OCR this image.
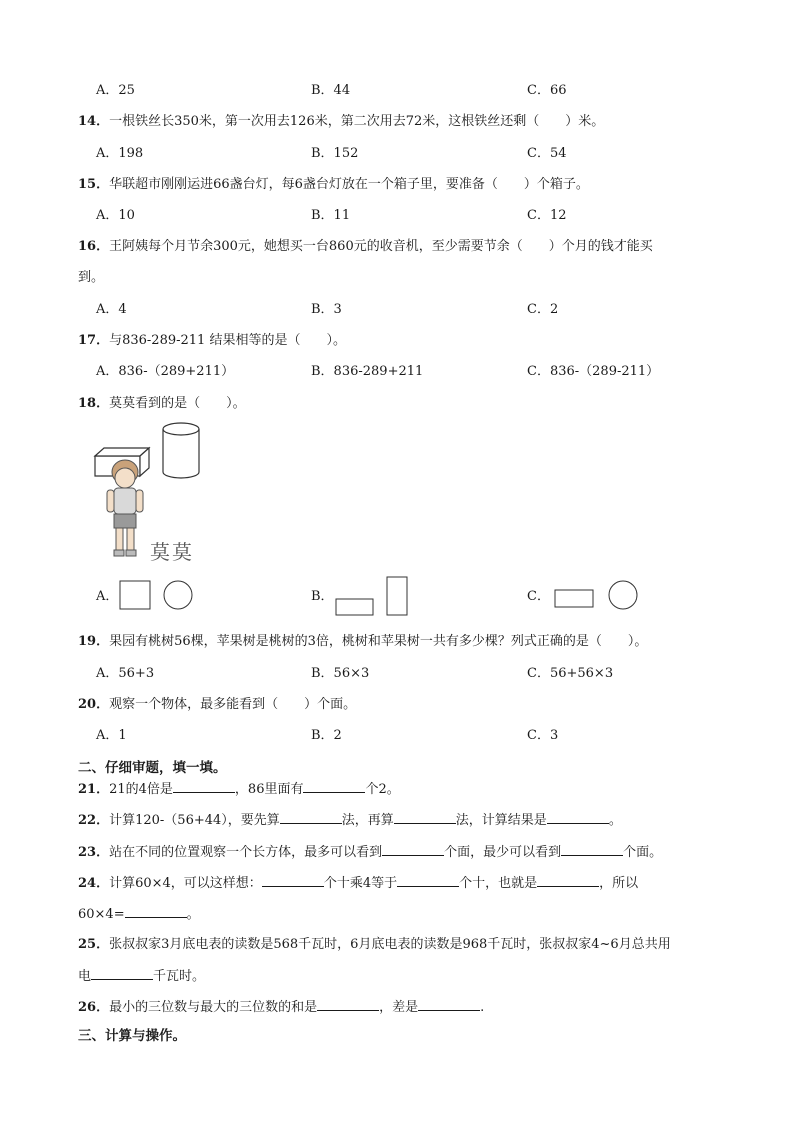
A．25	B．44	C．66
14．一根铁丝长350米，第一次用去126米，第二次用去72米，这根铁丝还剩（　　）米。
A．198	B．152	C．54
15．华联超市刚刚运进66盏台灯，每6盏台灯放在一个箱子里，要准备（　　）个箱子。
A．10	B．11	C．12
16．王阿姨每个月节余300元，她想买一台860元的收音机，至少需要节余（　　）个月的钱才能买
到。
A．4	B．3	C．2
17．与836-289-211 结果相等的是（　　）。
A．836-（289+211）	B．836-289+211	C．836-（289-211）
18．莫莫看到的是（　　）。
莫莫
A．	B．	C．
19．果园有桃树56棵，苹果树是桃树的3倍，桃树和苹果树一共有多少棵？列式正确的是（　　）。
A．56+3	B．56×3	C．56+56×3
20．观察一个物体，最多能看到（　　）个面。
A．1	B．2	C．3
二、仔细审题，填一填。
21．21的4倍是	，86里面有	个2。
22．计算120-（56+44），要先算	法，再算	法，计算结果是	。
23．站在不同的位置观察一个长方体，最多可以看到	个面，最少可以看到	个面。
24．计算60×4，可以这样想：	个十乘4等于	个十，也就是	，所以
60×4=	。
25．张叔叔家3月底电表的读数是568千瓦时，6月底电表的读数是968千瓦时，张叔叔家4~6月总共用
电	千瓦时。
26．最小的三位数与最大的三位数的和是	，差是	.
三、计算与操作。
